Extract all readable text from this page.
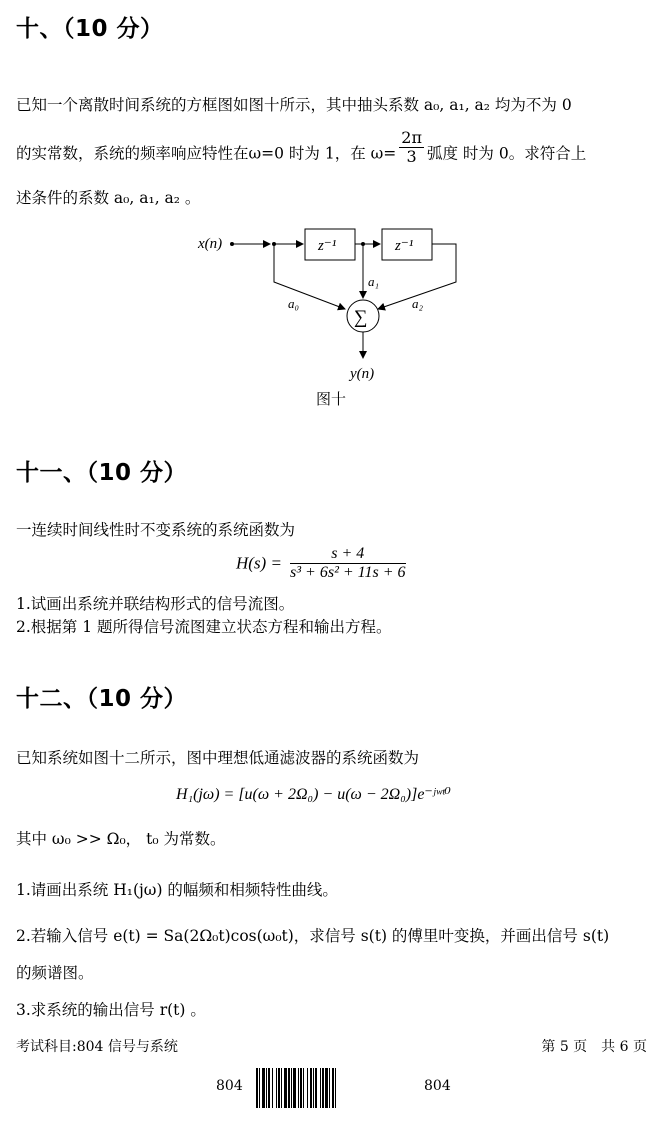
十、（10 分）
已知一个离散时间系统的方框图如图十所示，其中抽头系数 a₀, a₁, a₂ 均为不为 0
的实常数，系统的频率响应特性在ω=0 时为 1，在 $\omega= \frac{2\pi}{3}$ 弧度 时为 0。求符合上
述条件的系数 a₀, a₁, a₂ 。
x(n)	z⁻¹	z⁻¹
a₀
a₁
a₂
∑
y(n)
图十
十一、（10 分）
一连续时间线性时不变系统的系统函数为
$H(s) = \frac{s + 4}{\text{s³ + 6s² + 11s + 6}}$
1.试画出系统并联结构形式的信号流图。
2.根据第 1 题所得信号流图建立状态方程和输出方程。
十二、（10 分）
已知系统如图十二所示，图中理想低通滤波器的系统函数为
H₁(jω) = [u(ω + 2Ω₀) − u(ω − 2Ω₀)]e⁻ʲʷᵗ⁰
其中 ω₀ >> Ω₀， t₀ 为常数。
1.请画出系统 H₁(jω) 的幅频和相频特性曲线。
2.若输入信号 e(t) = Sa(2Ω₀t)cos(ω₀t)，求信号 s(t) 的傅里叶变换，并画出信号 s(t)
的频谱图。
3.求系统的输出信号 r(t) 。
考试科目:804 信号与系统	第 5 页　共 6 页
804	804
